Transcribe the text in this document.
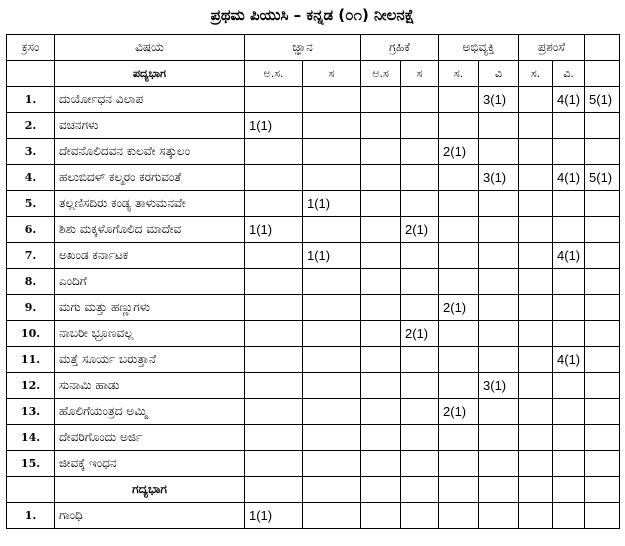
ಪ್ರಥಮ ಪಿಯುಸಿ – ಕನ್ನಡ (೦೧) ನೀಲನಕ್ಷೆ
ಕ್ರಸಂ	ವಿಷಯ	ಜ್ಞಾನ		ಗ್ರಹಿಕೆ		ಅಭಿವ್ಯಕ್ತಿ		ಪ್ರಶಂಸೆ		
	ಪದ್ಯಭಾಗ	ಅ.ಸ.	ಸ	ಅ.ಸ	ಸ	ಸ.	ವಿ	ಸ.	ವಿ.	
1.	ದುರ್ಯೋಧನ ವಿಲಾಪ						3(1)		4(1)	5(1)
2.	ವಚನಗಳು	1(1)								
3.	ದೇವನೊಲಿದವನ ಕುಲವೇ ಸತ್ಕುಲಂ					2(1)				
4.	ಹಲುಬಿದಳ್ ಕಲ್ಮರಂ ಕರಗುವಂತೆ						3(1)		4(1)	5(1)
5.	ತಲ್ಲಣಿಸದಿರು ಕಂಡ್ಯ ತಾಳುಮನವೇ		1(1)							
6.	ಶಿಶು ಮಕ್ಕಳೊಗೊಲಿದ ಮಾದೇವ	1(1)			2(1)					
7.	ಅಖಂಡ ಕರ್ನಾಟಕ		1(1)						4(1)	
8.	ಎಂದಿಗೆ									
9.	ಮಗು ಮತ್ತು ಹಣ್ಣುಗಳು					2(1)				
10.	ನಾಬರೀ ಭ್ರೂಣವಲ್ಲ				2(1)					
11.	ಮತ್ತೆ ಸೂರ್ಯ ಬರುತ್ತಾನೆ								4(1)	
12.	ಸುನಾಮಿ ಹಾಡು						3(1)			
13.	ಹೊಲಿಗೆಯಂತ್ರದ ಅಮ್ಮಿ					2(1)				
14.	ದೇವರಿಗೊಂದು ಅರ್ಜಿ									
15.	ಜೀವಕ್ಕೆ ಇಂಧನ									
	ಗದ್ಯಭಾಗ									
1.	ಗಾಂಧಿ	1(1)								
